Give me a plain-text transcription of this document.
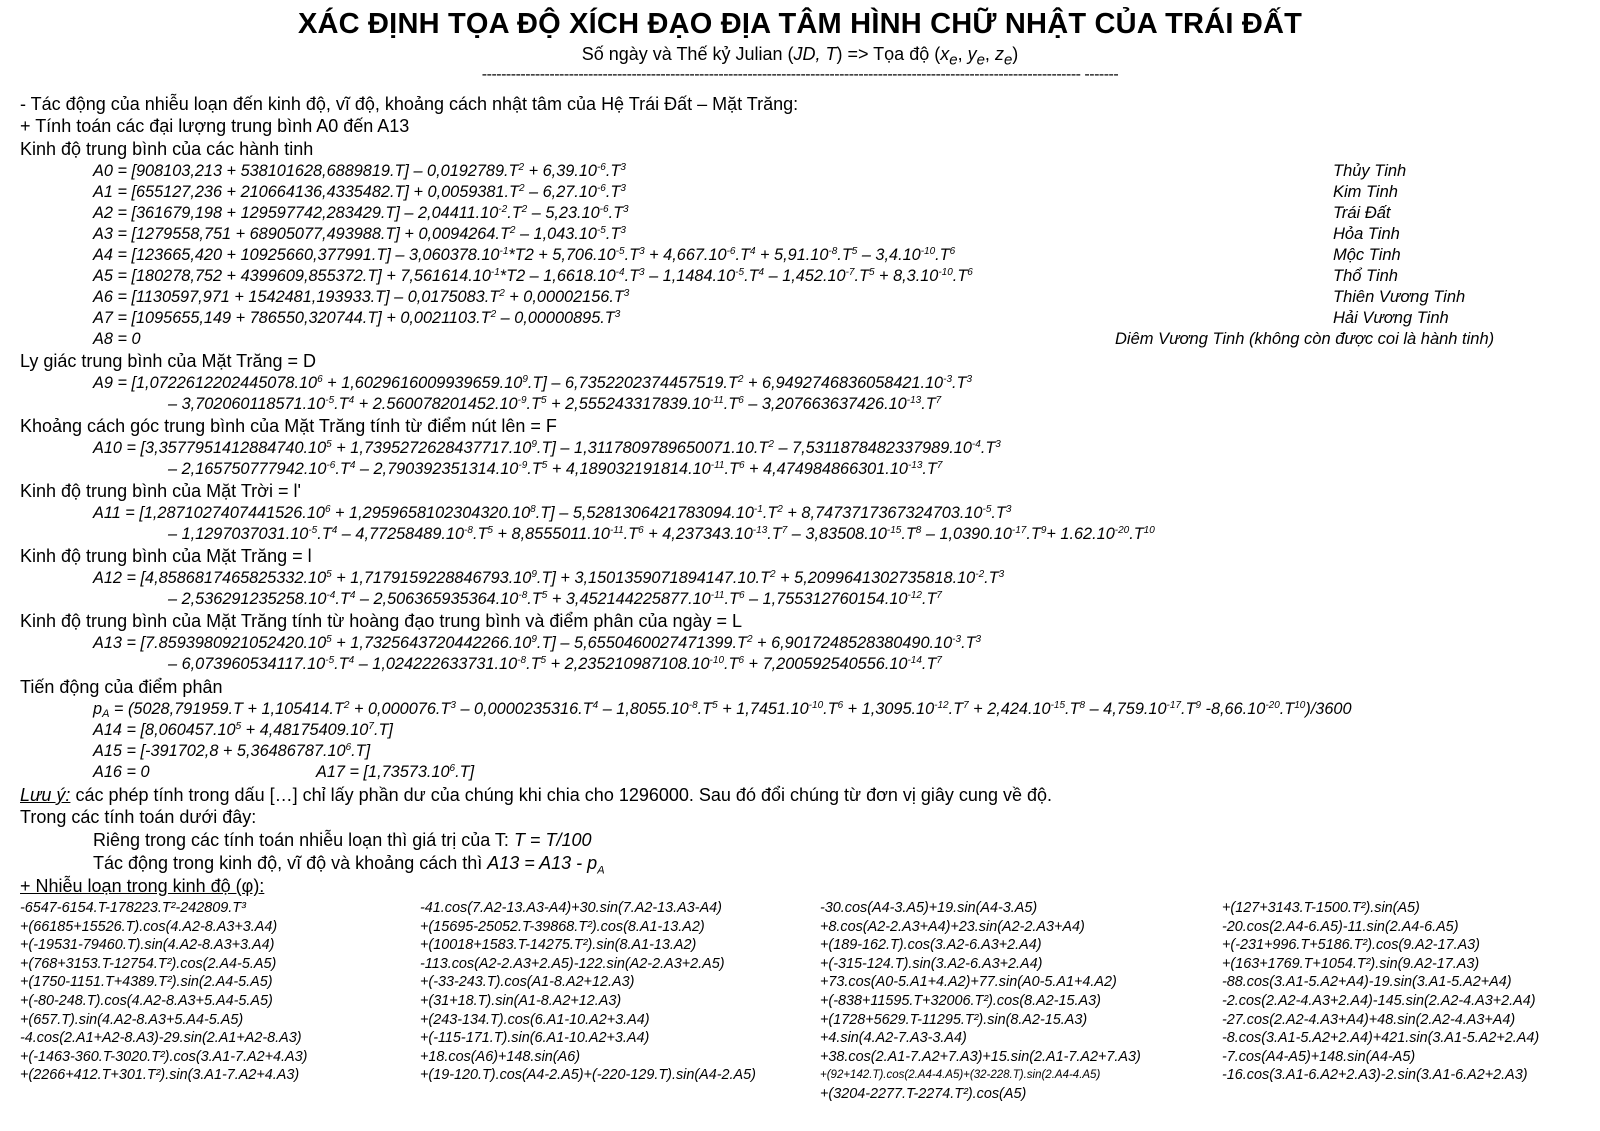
XÁC ĐỊNH TỌA ĐỘ XÍCH ĐẠO ĐỊA TÂM HÌNH CHỮ NHẬT CỦA TRÁI ĐẤT
Số ngày và Thế kỷ Julian (JD, T) => Tọa độ ($x_e$, $y_e$, $z_e$)
---------------------------------------------------------------------------------------------------------------------------- -------
- Tác động của nhiễu loạn đến kinh độ, vĩ độ, khoảng cách nhật tâm của Hệ Trái Đất – Mặt Trăng:
+ Tính toán các đại lượng trung bình A0 đến A13
Kinh độ trung bình của các hành tinh
$A0 = [908103,213 + 538101628,6889819.T] - 0,0192789.T^2 + 6,39.10^{-6}.T^3$
$A1 = [655127,236 + 210664136,4335482.T] + 0,0059381.T^2 - 6,27.10^{-6}.T^3$
$A2 = [361679,198 + 129597742,283429.T] - 2,04411.10^{-2}.T^2 - 5,23.10^{-6}.T^3$
$A3 = [1279558,751 + 68905077,493988.T] + 0,0094264.T^2 - 1,043.10^{-5}.T^3$
$A4 = [123665,420 + 10925660,377991.T] - 3,060378.10^{-1}*T2 + 5,706.10^{-5}.T^3 + 4,667.10^{-6}.T^4 + 5,91.10^{-8}.T^5 - 3,4.10^{-10}.T^6$
$A5 = [180278,752 + 4399609,855372.T] + 7,561614.10^{-1}*T2 - 1,6618.10^{-4}.T^3 - 1,1484.10^{-5}.T^4 - 1,452.10^{-7}.T^5 + 8,3.10^{-10}.T^6$
$A6 = [1130597,971 + 1542481,193933.T] - 0,0175083.T^2 + 0,00002156.T^3$
$A7 = [1095655,149 + 786550,320744.T] + 0,0021103.T^2 - 0,00000895.T^3$
A8 = 0
Thủy Tinh
Kim Tinh
Trái Đất
Hỏa Tinh
Mộc Tinh
Thổ Tinh
Thiên Vương Tinh
Hải Vương Tinh
Diêm Vương Tinh (không còn được coi là hành tinh)
Ly giác trung bình của Mặt Trăng = D
$A9 = [1,0722612202445078.10^6 + 1,6029616009939659.10^9.T] - 6,7352202374457519.T^2 + 6,9492746836058421.10^{-3}.T^3$
– $3,702060118571.10^{-5}.T^4 + 2.560078201452.10^{-9}.T^5 + 2,555243317839.10^{-11}.T^6 - 3,207663637426.10^{-13}.T^7$
Khoảng cách góc trung bình của Mặt Trăng tính từ điểm nút lên = F
$A10 = [3,3577951412884740.10^5 + 1,7395272628437717.10^9.T] - 1,3117809789650071.10.T^2 - 7,5311878482337989.10^{-4}.T^3$
– $2,165750777942.10^{-6}.T^4 - 2,790392351314.10^{-9}.T^5 + 4,189032191814.10^{-11}.T^6 + 4,474984866301.10^{-13}.T^7$
Kinh độ trung bình của Mặt Trời = l'
$A11 = [1,2871027407441526.10^6 + 1,2959658102304320.10^8.T] - 5,5281306421783094.10^{-1}.T^2 + 8,7473717367324703.10^{-5}.T^3$
– $1,1297037031.10^{-5}.T^4 - 4,77258489.10^{-8}.T^5 + 8,8555011.10^{-11}.T^6 + 4,237343.10^{-13}.T^7 - 3,83508.10^{-15}.T^8 - 1,0390.10^{-17}.T^9+ 1.62.10^{-20}.T^{10}$
Kinh độ trung bình của Mặt Trăng = l
$A12 = [4,8586817465825332.10^5 + 1,7179159228846793.10^9.T] + 3,1501359071894147.10.T^2 + 5,2099641302735818.10^{-2}.T^3$
– $2,536291235258.10^{-4}.T^4 - 2,506365935364.10^{-8}.T^5 + 3,452144225877.10^{-11}.T^6 - 1,755312760154.10^{-12}.T^7$
Kinh độ trung bình của Mặt Trăng tính từ hoàng đạo trung bình và điểm phân của ngày = L
$A13 = [7.8593980921052420.10^5 + 1,7325643720442266.10^9.T] - 5,6550460027471399.T^2 + 6,9017248528380490.10^{-3}.T^3$
– $6,073960534117.10^{-5}.T^4 - 1,024222633731.10^{-8}.T^5 + 2,235210987108.10^{-10}.T^6 + 7,200592540556.10^{-14}.T^7$
Tiến động của điểm phân
$p_A = (5028,791959.T + 1,105414.T^2 + 0,000076.T^3 - 0,0000235316.T^4 - 1,8055.10^{-8}.T^5 + 1,7451.10^{-10}.T^6 + 1,3095.10^{-12}.T^7 + 2,424.10^{-15}.T^8 - 4,759.10^{-17}.T^9$ $-8,66.10^{-20}.T^{10})/3600$
$A14 = [8,060457.10^5 + 4,48175409.10^7.T]$
$A15 = [-391702,8 + 5,36486787.10^6.T]$
A16 = 0	$A17 = [1,73573.10^6.T]$
Lưu ý: các phép tính trong dấu […] chỉ lấy phần dư của chúng khi chia cho 1296000. Sau đó đổi chúng từ đơn vị giây cung về độ.
Trong các tính toán dưới đây:
Riêng trong các tính toán nhiễu loạn thì giá trị của T: T = T/100
Tác động trong kinh độ, vĩ độ và khoảng cách thì $A13 = A13 - p_A$
+ Nhiễu loạn trong kinh độ (φ):
-6547-6154.T-178223.T²-242809.T³
+(66185+15526.T).cos(4.A2-8.A3+3.A4)
+(-19531-79460.T).sin(4.A2-8.A3+3.A4)
+(768+3153.T-12754.T²).cos(2.A4-5.A5)
+(1750-1151.T+4389.T²).sin(2.A4-5.A5)
+(-80-248.T).cos(4.A2-8.A3+5.A4-5.A5)
+(657.T).sin(4.A2-8.A3+5.A4-5.A5)
-4.cos(2.A1+A2-8.A3)-29.sin(2.A1+A2-8.A3)
+(-1463-360.T-3020.T²).cos(3.A1-7.A2+4.A3)
+(2266+412.T+301.T²).sin(3.A1-7.A2+4.A3)
-41.cos(7.A2-13.A3-A4)+30.sin(7.A2-13.A3-A4)
+(15695-25052.T-39868.T²).cos(8.A1-13.A2)
+(10018+1583.T-14275.T²).sin(8.A1-13.A2)
-113.cos(A2-2.A3+2.A5)-122.sin(A2-2.A3+2.A5)
+(-33-243.T).cos(A1-8.A2+12.A3)
+(31+18.T).sin(A1-8.A2+12.A3)
+(243-134.T).cos(6.A1-10.A2+3.A4)
+(-115-171.T).sin(6.A1-10.A2+3.A4)
+18.cos(A6)+148.sin(A6)
+(19-120.T).cos(A4-2.A5)+(-220-129.T).sin(A4-2.A5)
-30.cos(A4-3.A5)+19.sin(A4-3.A5)
+8.cos(A2-2.A3+A4)+23.sin(A2-2.A3+A4)
+(189-162.T).cos(3.A2-6.A3+2.A4)
+(-315-124.T).sin(3.A2-6.A3+2.A4)
+73.cos(A0-5.A1+4.A2)+77.sin(A0-5.A1+4.A2)
+(-838+11595.T+32006.T²).cos(8.A2-15.A3)
+(1728+5629.T-11295.T²).sin(8.A2-15.A3)
+4.sin(4.A2-7.A3-3.A4)
+38.cos(2.A1-7.A2+7.A3)+15.sin(2.A1-7.A2+7.A3)
+(92+142.T).cos(2.A4-4.A5)+(32-228.T).sin(2.A4-4.A5)
+(3204-2277.T-2274.T²).cos(A5)
+(127+3143.T-1500.T²).sin(A5)
-20.cos(2.A4-6.A5)-11.sin(2.A4-6.A5)
+(-231+996.T+5186.T²).cos(9.A2-17.A3)
+(163+1769.T+1054.T²).sin(9.A2-17.A3)
-88.cos(3.A1-5.A2+A4)-19.sin(3.A1-5.A2+A4)
-2.cos(2.A2-4.A3+2.A4)-145.sin(2.A2-4.A3+2.A4)
-27.cos(2.A2-4.A3+A4)+48.sin(2.A2-4.A3+A4)
-8.cos(3.A1-5.A2+2.A4)+421.sin(3.A1-5.A2+2.A4)
-7.cos(A4-A5)+148.sin(A4-A5)
-16.cos(3.A1-6.A2+2.A3)-2.sin(3.A1-6.A2+2.A3)
